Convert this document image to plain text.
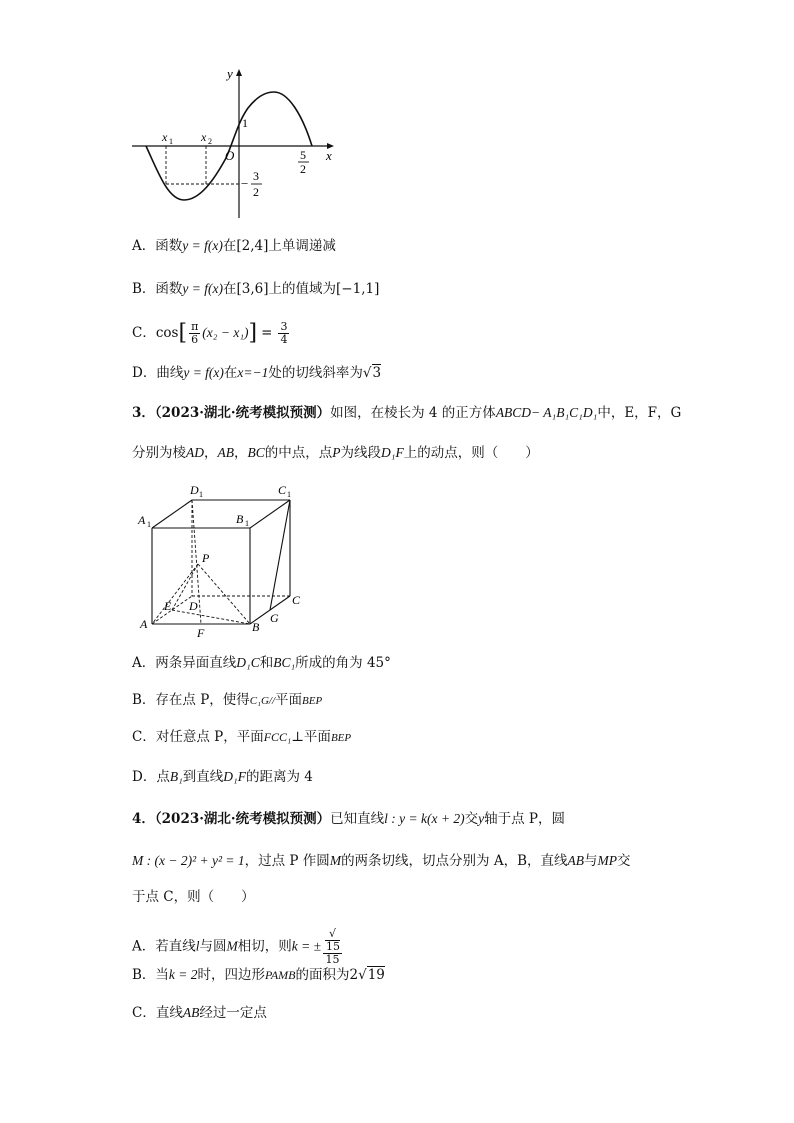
y
x
x 1 x 2
O
1
5
2
− 3
2
A．函数y = f(x)在[2,4]上单调递减
B．函数y = f(x)在[3,6]上的值域为[−1,1]
C．$\cos[ \frac{\pi}{6} (x_2 - x_1)] = \frac{3}{4}$
D．曲线y = f(x)在x=−1处的切线斜率为√3
3．（2023·湖北·统考模拟预测）如图，在棱长为 4 的正方体ABCD− A₁B₁C₁D₁中，E，F，G
分别为棱AD，AB，BC的中点，点P为线段D₁F上的动点，则（　　）
D 1	C 1
A 1	B 1
P
E D	C
A	B
G
F
A．两条异面直线D₁C和BC₁所成的角为 45°
B．存在点 P，使得C₁G//平面BEP
C．对任意点 P，平面FCC₁⊥平面BEP
D．点B₁到直线D₁F的距离为 4
4．（2023·湖北·统考模拟预测）已知直线l : y = k(x + 2)交y轴于点 P，圆
M : (x − 2)² + y² = 1，过点 P 作圆M的两条切线，切点分别为 A，B，直线AB与MP交
于点 C，则（　　）
A．若直线l与圆M相切，则k = ± √
15
15
B．当k = 2时，四边形PAMB的面积为2√19
C．直线AB经过一定点
